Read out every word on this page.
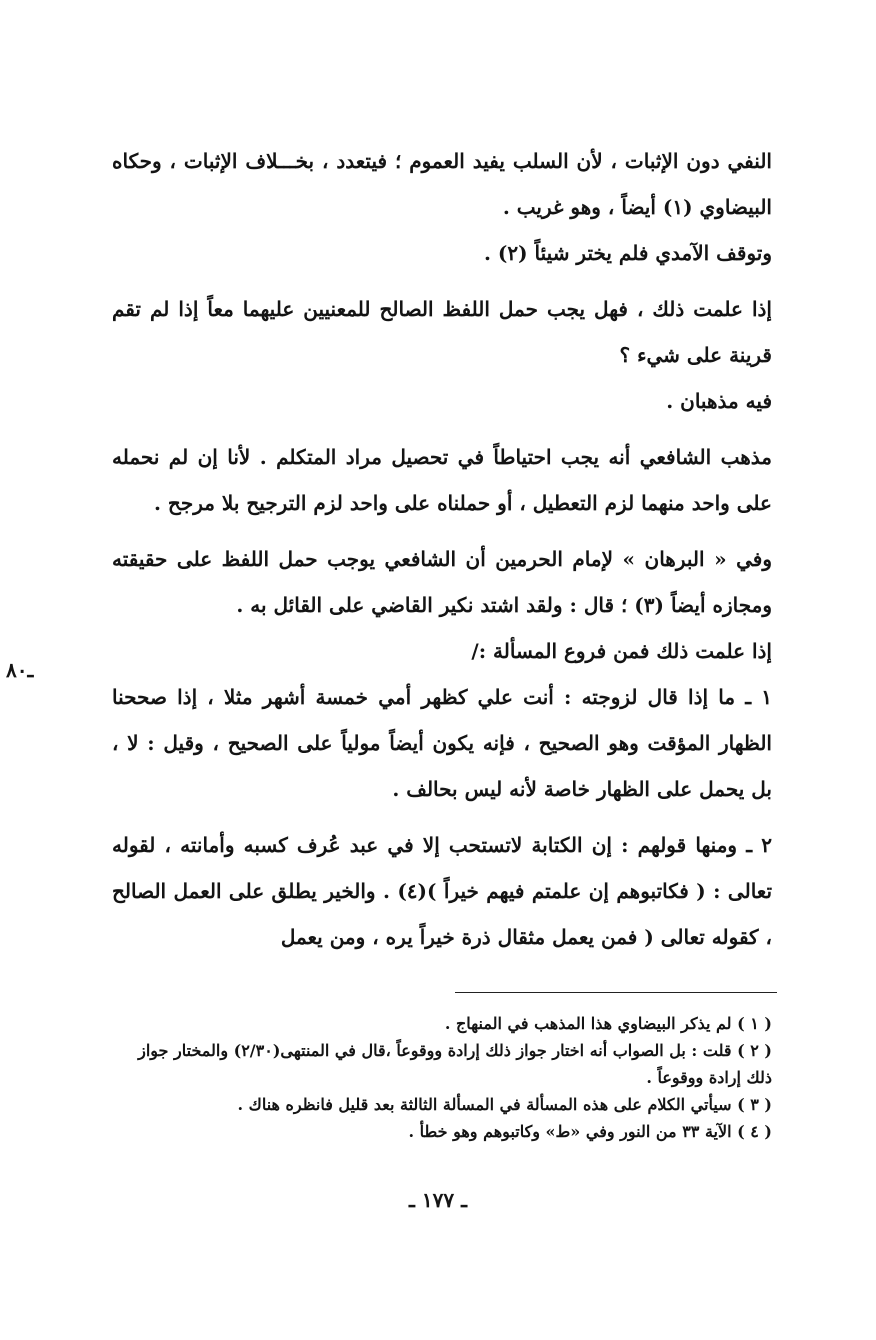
النفي دون الإثبات ، لأن السلب يفيد العموم ؛ فيتعدد ، بخـــلاف الإثبات ، وحكاه البيضاوي (١) أيضاً ، وهو غريب .

وتوقف الآمدي فلم يختر شيئاً (٢) .

إذا علمت ذلك ، فهل يجب حمل اللفظ الصالح للمعنيين عليهما معاً إذا لم تقم قرينة على شيء ؟

فيه مذهبان .

مذهب الشافعي أنه يجب احتياطاً في تحصيل مراد المتكلم . لأنا إن لم نحمله على واحد منهما لزم التعطيل ، أو حملناه على واحد لزم الترجيح بلا مرجح .

وفي « البرهان » لإمام الحرمين أن الشافعي يوجب حمل اللفظ على حقيقته ومجازه أيضاً (٣) ؛ قال : ولقد اشتد نكير القاضي على القائل به .

إذا علمت ذلك فمن فروع المسألة :/

١ ـ ما إذا قال لزوجته : أنت علي كظهر أمي خمسة أشهر مثلا ، إذا صححنا الظهار المؤقت وهو الصحيح ، فإنه يكون أيضاً مولياً على الصحيح ، وقيل : لا ، بل يحمل على الظهار خاصة لأنه ليس بحالف .

٢ ـ ومنها قولهم : إن الكتابة لاتستحب إلا في عبد عُرف كسبه وأمانته ، لقوله تعالى : ( فكاتبوهم إن علمتم فيهم خيراً )(٤) . والخير يطلق على العمل الصالح ، كقوله تعالى ( فمن يعمل مثقال ذرة خيراً يره ، ومن يعمل

ـ٨٠

( ١ ) لم يذكر البيضاوي هذا المذهب في المنهاج .

( ٢ ) قلت : بل الصواب أنه اختار جواز ذلك إرادة ووقوعاً ،قال في المنتهى(٢/٣٠) والمختار جواز ذلك إرادة ووقوعاً .

( ٣ ) سيأتي الكلام على هذه المسألة في المسألة الثالثة بعد قليل فانظره هناك .

( ٤ ) الآية ٣٣ من النور وفي «ط» وكاتبوهم وهو خطأ .

ـ ١٧٧ ـ
